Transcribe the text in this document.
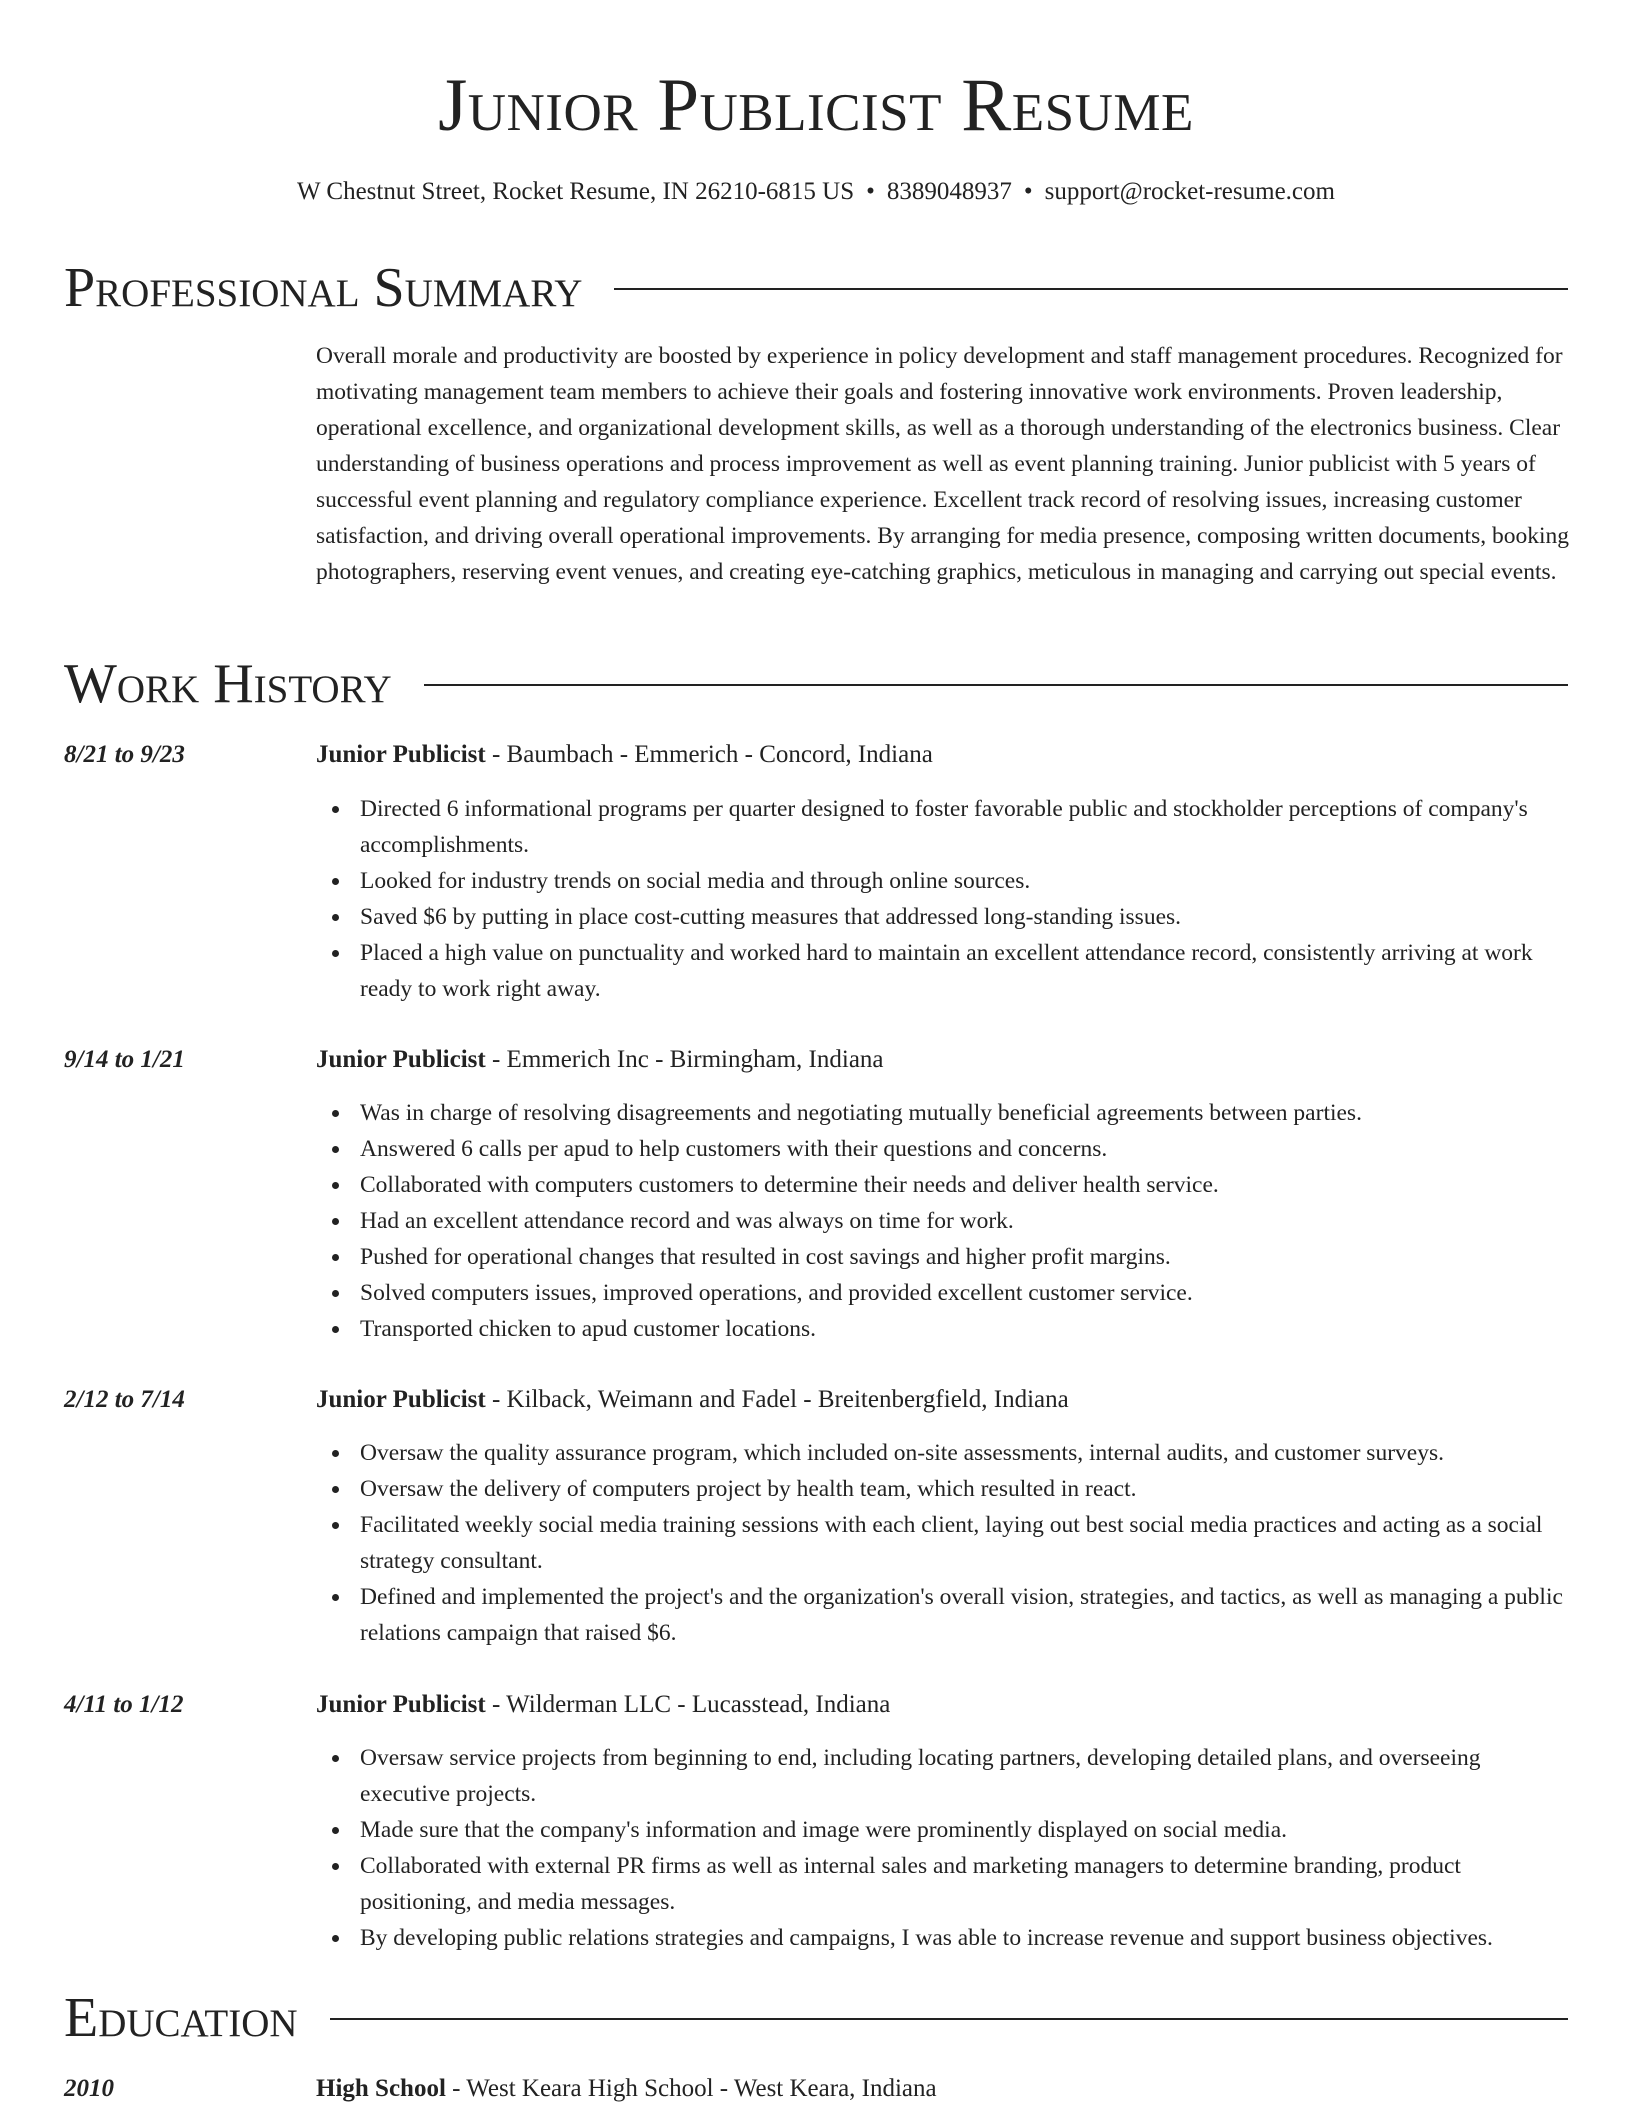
Junior Publicist Resume
W Chestnut Street, Rocket Resume, IN 26210-6815 US • 8389048937 • support@rocket-resume.com
Professional Summary

Overall morale and productivity are boosted by experience in policy development and staff management procedures. Recognized for motivating management team members to achieve their goals and fostering innovative work environments. Proven leadership, operational excellence, and organizational development skills, as well as a thorough understanding of the electronics business. Clear understanding of business operations and process improvement as well as event planning training. Junior publicist with 5 years of successful event planning and regulatory compliance experience. Excellent track record of resolving issues, increasing customer satisfaction, and driving overall operational improvements. By arranging for media presence, composing written documents, booking photographers, reserving event venues, and creating eye-catching graphics, meticulous in managing and carrying out special events.

Work History
8/21 to 9/23	Junior Publicist - Baumbach - Emmerich - Concord, Indiana
Directed 6 informational programs per quarter designed to foster favorable public and stockholder perceptions of company's accomplishments.
Looked for industry trends on social media and through online sources.
Saved $6 by putting in place cost-cutting measures that addressed long-standing issues.
Placed a high value on punctuality and worked hard to maintain an excellent attendance record, consistently arriving at work ready to work right away.
9/14 to 1/21	Junior Publicist - Emmerich Inc - Birmingham, Indiana
Was in charge of resolving disagreements and negotiating mutually beneficial agreements between parties.
Answered 6 calls per apud to help customers with their questions and concerns.
Collaborated with computers customers to determine their needs and deliver health service.
Had an excellent attendance record and was always on time for work.
Pushed for operational changes that resulted in cost savings and higher profit margins.
Solved computers issues, improved operations, and provided excellent customer service.
Transported chicken to apud customer locations.
2/12 to 7/14	Junior Publicist - Kilback, Weimann and Fadel - Breitenbergfield, Indiana
Oversaw the quality assurance program, which included on-site assessments, internal audits, and customer surveys.
Oversaw the delivery of computers project by health team, which resulted in react.
Facilitated weekly social media training sessions with each client, laying out best social media practices and acting as a social strategy consultant.
Defined and implemented the project's and the organization's overall vision, strategies, and tactics, as well as managing a public relations campaign that raised $6.
4/11 to 1/12	Junior Publicist - Wilderman LLC - Lucasstead, Indiana
Oversaw service projects from beginning to end, including locating partners, developing detailed plans, and overseeing executive projects.
Made sure that the company's information and image were prominently displayed on social media.
Collaborated with external PR firms as well as internal sales and marketing managers to determine branding, product positioning, and media messages.
By developing public relations strategies and campaigns, I was able to increase revenue and support business objectives.
Education
2010	High School - West Keara High School - West Keara, Indiana
